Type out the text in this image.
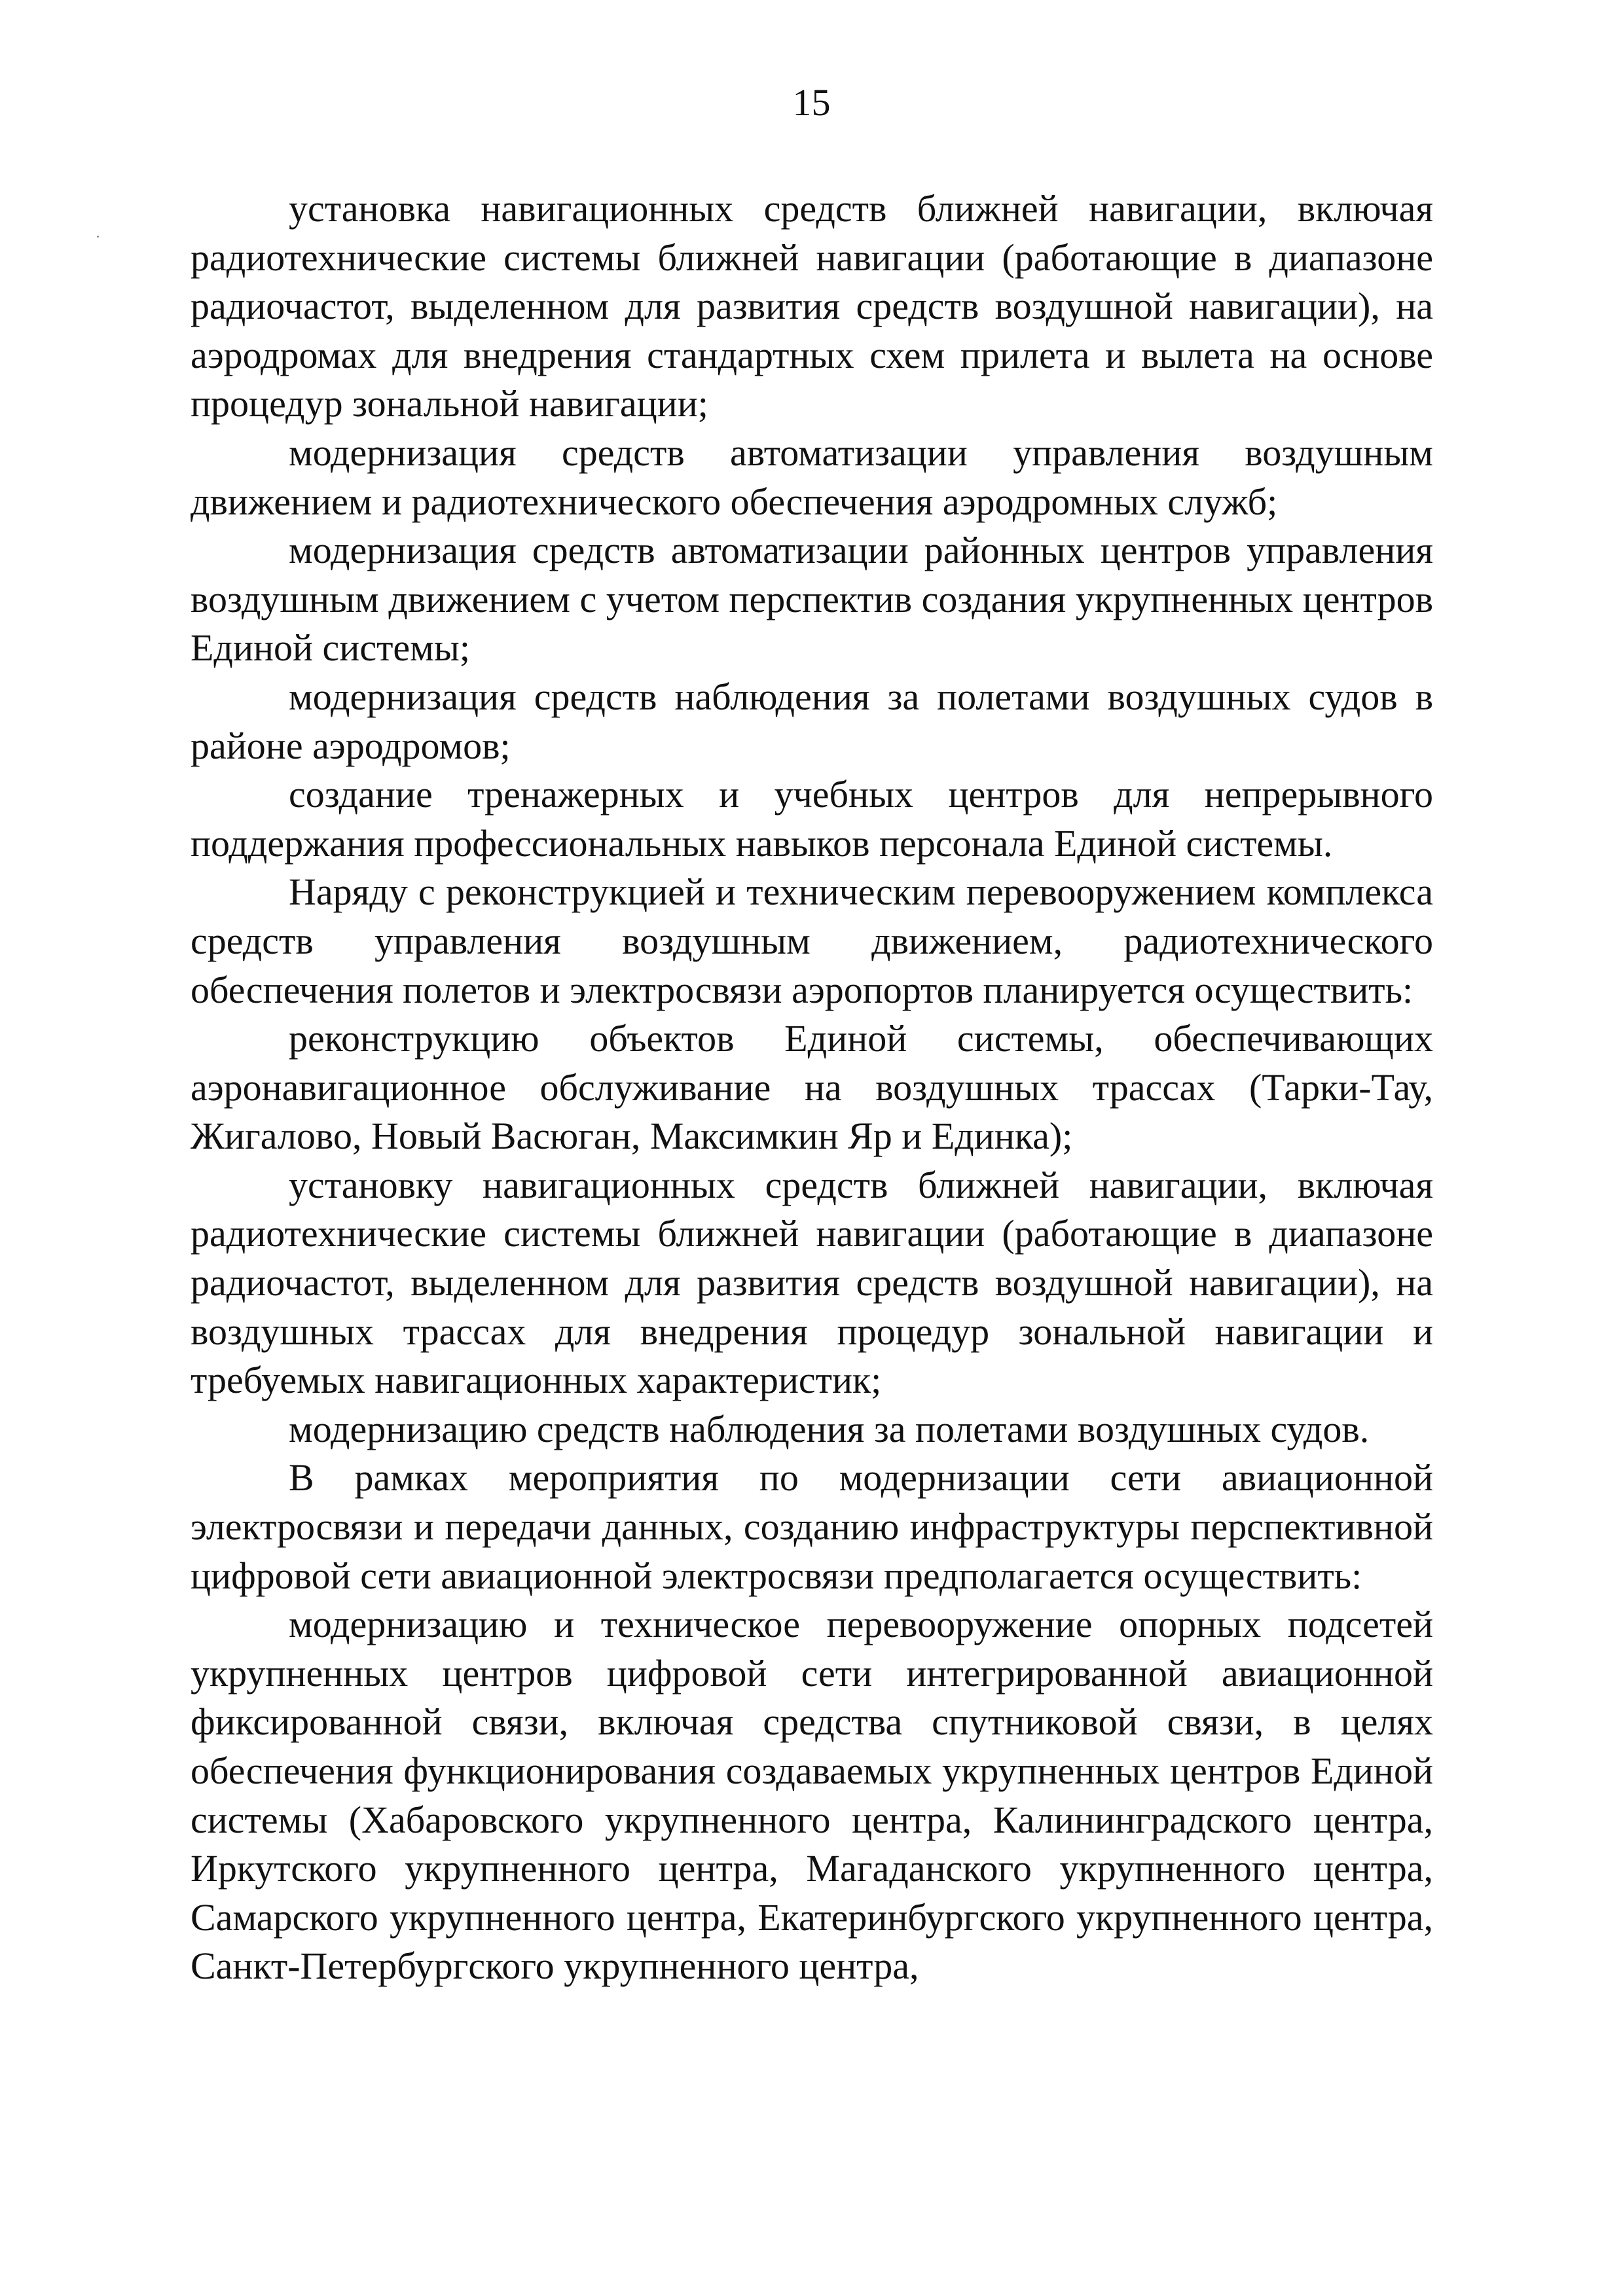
15

установка навигационных средств ближней навигации, включая радиотехнические системы ближней навигации (работающие в диапазоне радиочастот, выделенном для развития средств воздушной навигации), на аэродромах для внедрения стандартных схем прилета и вылета на основе процедур зональной навигации;

модернизация средств автоматизации управления воздушным движением и радиотехнического обеспечения аэродромных служб;

модернизация средств автоматизации районных центров управления воздушным движением с учетом перспектив создания укрупненных центров Единой системы;

модернизация средств наблюдения за полетами воздушных судов в районе аэродромов;

создание тренажерных и учебных центров для непрерывного поддержания профессиональных навыков персонала Единой системы.

Наряду с реконструкцией и техническим перевооружением комплекса средств управления воздушным движением, радиотехнического обеспечения полетов и электросвязи аэропортов планируется осуществить:

реконструкцию объектов Единой системы, обеспечивающих аэронавигационное обслуживание на воздушных трассах (Тарки-Тау, Жигалово, Новый Васюган, Максимкин Яр и Единка);

установку навигационных средств ближней навигации, включая радиотехнические системы ближней навигации (работающие в диапазоне радиочастот, выделенном для развития средств воздушной навигации), на воздушных трассах для внедрения процедур зональной навигации и требуемых навигационных характеристик;

модернизацию средств наблюдения за полетами воздушных судов.

В рамках мероприятия по модернизации сети авиационной электросвязи и передачи данных, созданию инфраструктуры перспективной цифровой сети авиационной электросвязи предполагается осуществить:

модернизацию и техническое перевооружение опорных подсетей укрупненных центров цифровой сети интегрированной авиационной фиксированной связи, включая средства спутниковой связи, в целях обеспечения функционирования создаваемых укрупненных центров Единой системы (Хабаровского укрупненного центра, Калининградского центра, Иркутского укрупненного центра, Магаданского укрупненного центра, Самарского укрупненного центра, Екатеринбургского укрупненного центра, Санкт-Петербургского укрупненного центра,
